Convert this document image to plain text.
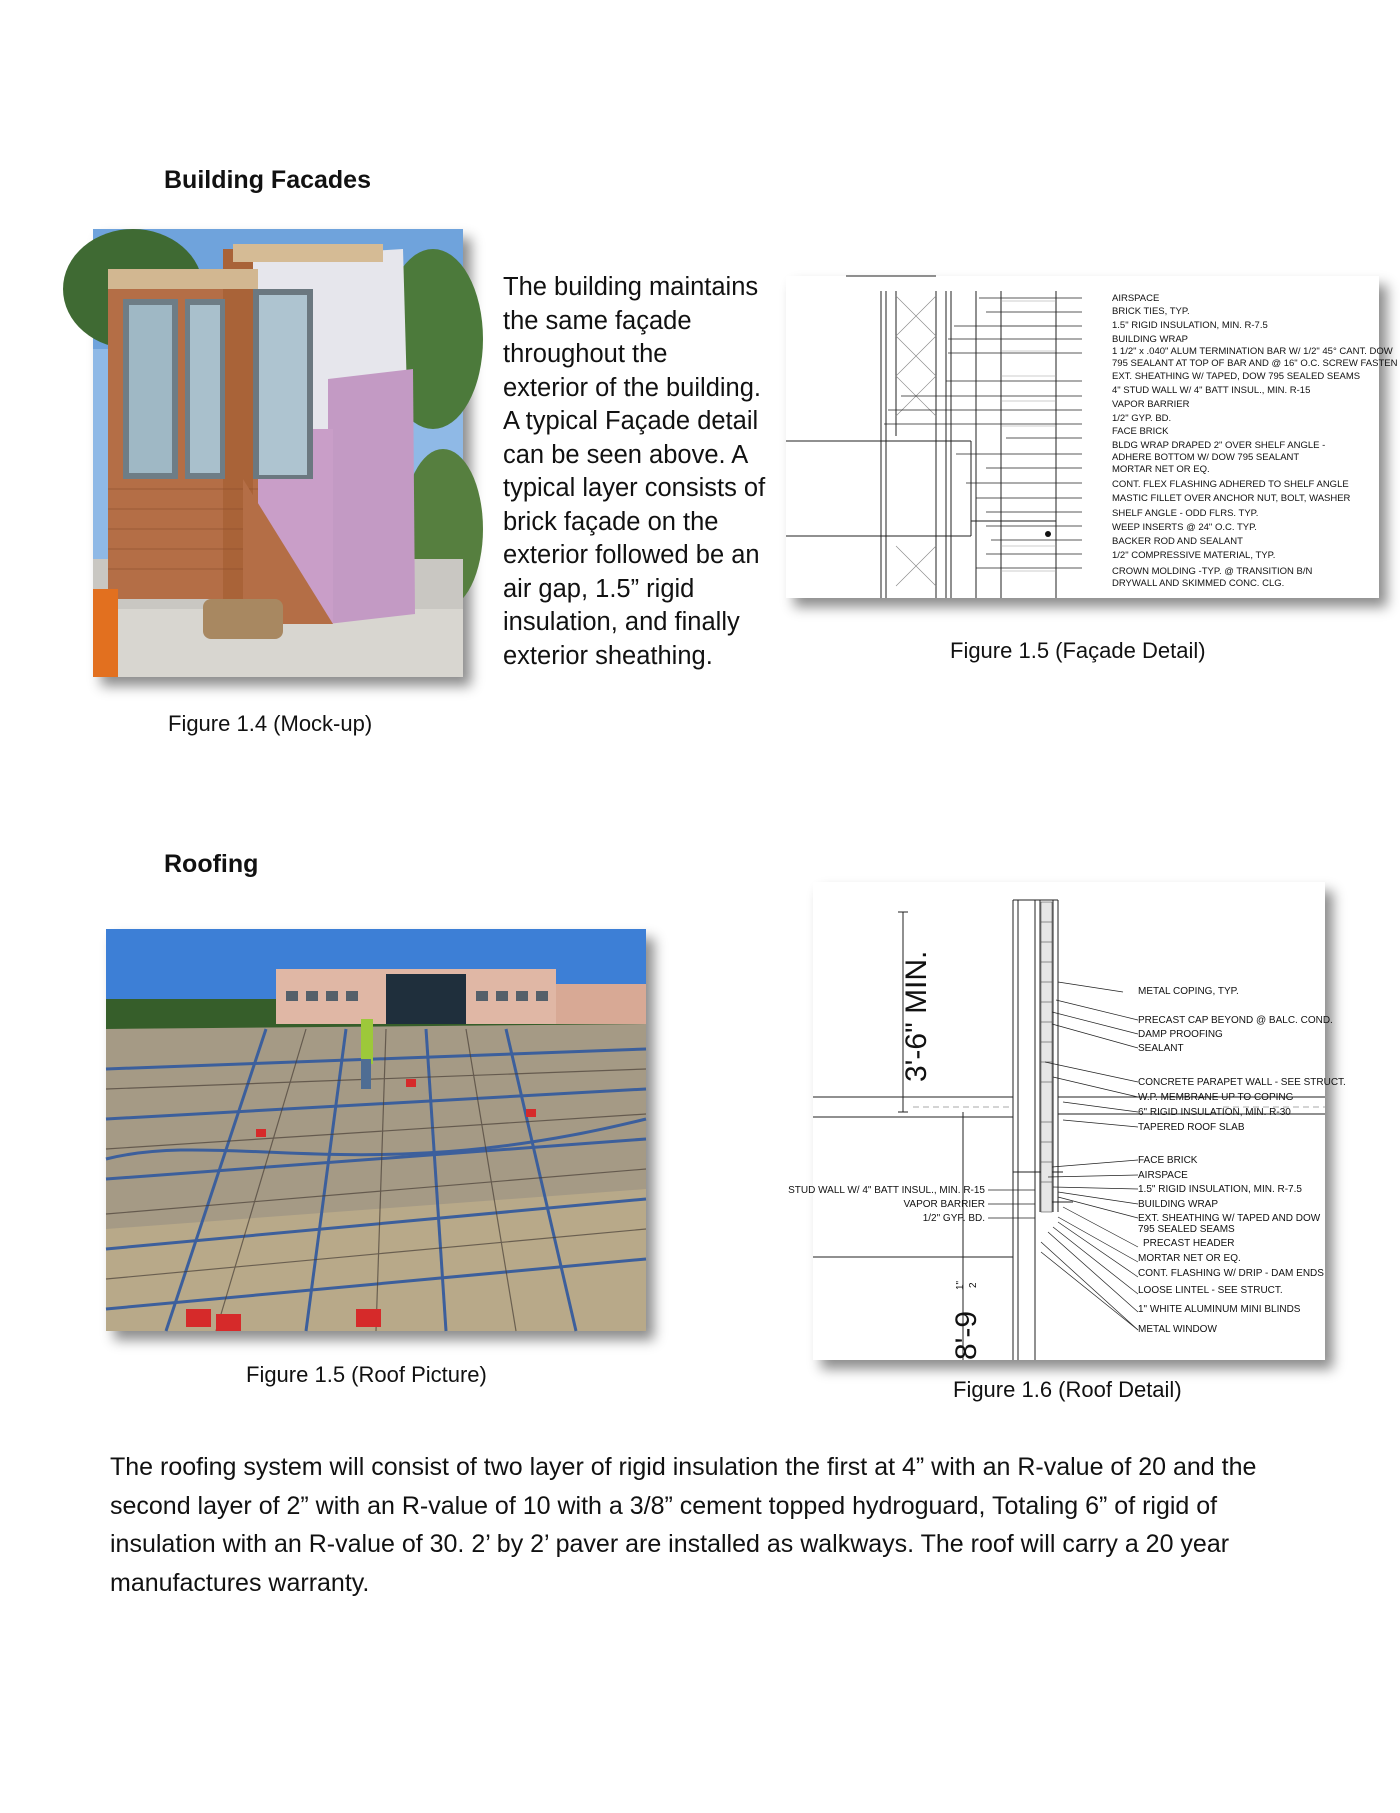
Building Facades
The building maintains
the same façade
throughout the
exterior of the building.
A typical Façade detail
can be seen above. A
typical layer consists of
brick façade on the
exterior followed be an
air gap, 1.5” rigid
insulation, and finally
exterior sheathing.
AIRSPACE
BRICK TIES, TYP.
1.5" RIGID INSULATION, MIN. R-7.5
BUILDING WRAP
1 1/2" x .040" ALUM TERMINATION BAR W/ 1/2" 45° CANT. DOW
795 SEALANT AT TOP OF BAR AND @ 16" O.C. SCREW FASTEN
EXT. SHEATHING W/ TAPED, DOW 795 SEALED SEAMS
4" STUD WALL W/ 4" BATT INSUL., MIN. R-15
VAPOR BARRIER
1/2" GYP. BD.
FACE BRICK
BLDG WRAP DRAPED 2" OVER SHELF ANGLE -
ADHERE BOTTOM W/ DOW 795 SEALANT
MORTAR NET OR EQ.
CONT. FLEX FLASHING ADHERED TO SHELF ANGLE
MASTIC FILLET OVER ANCHOR NUT, BOLT, WASHER
SHELF ANGLE - ODD FLRS. TYP.
WEEP INSERTS @ 24" O.C. TYP.
BACKER ROD AND SEALANT
1/2" COMPRESSIVE MATERIAL, TYP.
CROWN MOLDING -TYP. @ TRANSITION B/N
DRYWALL AND SKIMMED CONC. CLG.
Figure 1.5 (Façade Detail)
Figure 1.4 (Mock-up)
Roofing
3'-6" MIN.
8'-9
1" 2
METAL COPING, TYP.
PRECAST CAP BEYOND @ BALC. COND.
DAMP PROOFING
SEALANT
CONCRETE PARAPET WALL - SEE STRUCT.
W.P. MEMBRANE UP TO COPING
6" RIGID INSULATION, MIN. R-30
TAPERED ROOF SLAB
FACE BRICK
AIRSPACE
1.5" RIGID INSULATION, MIN. R-7.5
BUILDING WRAP
EXT. SHEATHING W/ TAPED AND DOW
795 SEALED SEAMS
PRECAST HEADER
MORTAR NET OR EQ.
CONT. FLASHING W/ DRIP - DAM ENDS
LOOSE LINTEL - SEE STRUCT.
1" WHITE ALUMINUM MINI BLINDS
METAL WINDOW
STUD WALL W/ 4" BATT INSUL., MIN. R-15
VAPOR BARRIER
1/2" GYP. BD.
Figure 1.5 (Roof Picture)
Figure 1.6 (Roof Detail)
The roofing system will consist of two layer of rigid insulation the first at 4” with an R-value of 20 and the
second layer of 2” with an R-value of 10 with a 3/8” cement topped hydroguard, Totaling 6” of rigid of
insulation with an R-value of 30. 2’ by 2’ paver are installed as walkways. The roof will carry a 20 year
manufactures warranty.
